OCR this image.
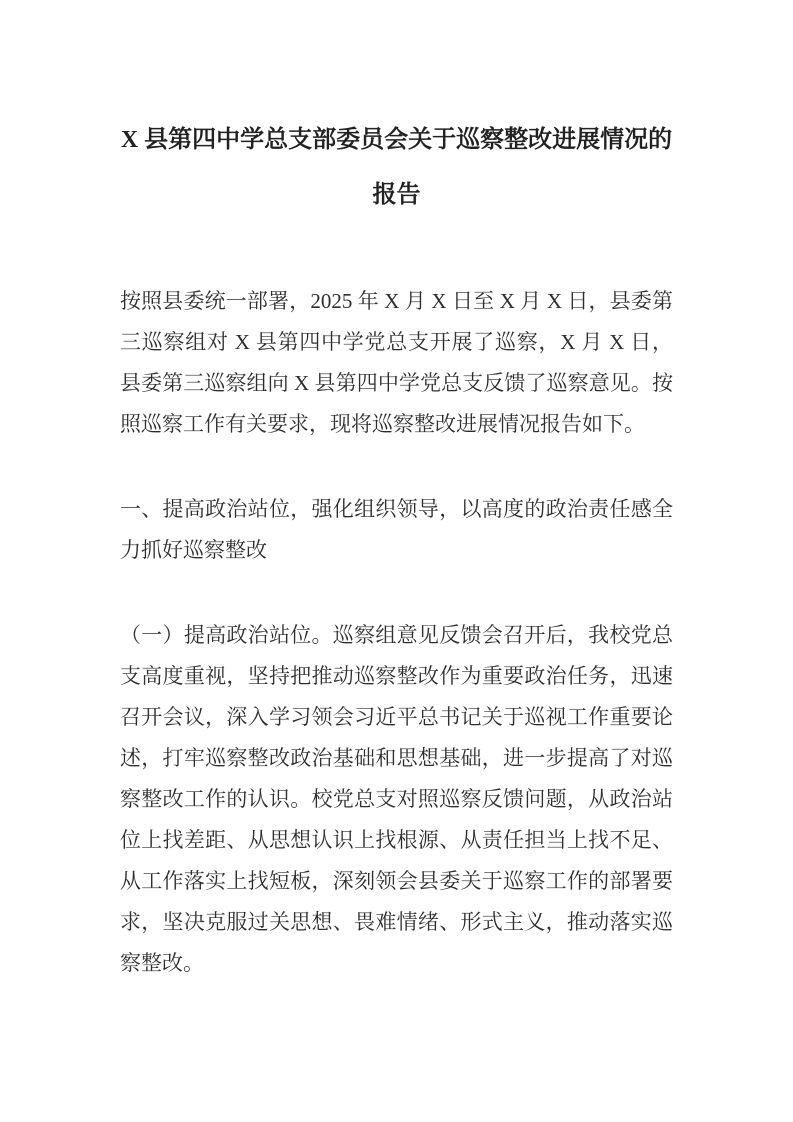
X 县第四中学总支部委员会关于巡察整改进展情况的报告

按照县委统一部署，2025 年 X 月 X 日至 X 月 X 日，县委第三巡察组对 X 县第四中学党总支开展了巡察，X 月 X 日，县委第三巡察组向 X 县第四中学党总支反馈了巡察意见。按照巡察工作有关要求，现将巡察整改进展情况报告如下。

一、提高政治站位，强化组织领导，以高度的政治责任感全力抓好巡察整改

（一）提高政治站位。巡察组意见反馈会召开后，我校党总支高度重视，坚持把推动巡察整改作为重要政治任务，迅速召开会议，深入学习领会习近平总书记关于巡视工作重要论述，打牢巡察整改政治基础和思想基础，进一步提高了对巡察整改工作的认识。校党总支对照巡察反馈问题，从政治站位上找差距、从思想认识上找根源、从责任担当上找不足、从工作落实上找短板，深刻领会县委关于巡察工作的部署要求，坚决克服过关思想、畏难情绪、形式主义，推动落实巡察整改。
